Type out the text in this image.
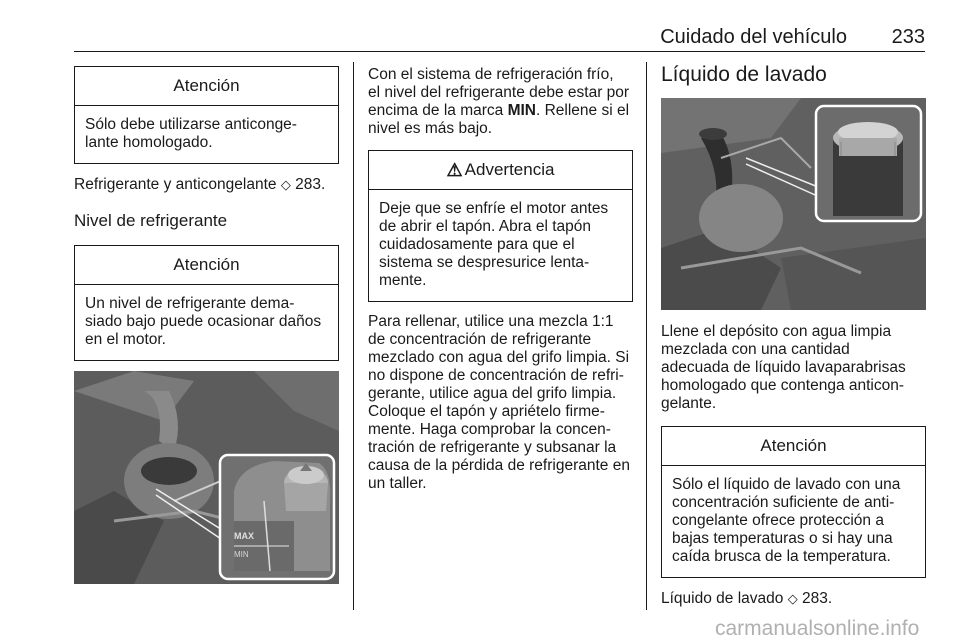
Cuidado del vehículo 233
Atención
Sólo debe utilizarse anticonge-
lante homologado.

Refrigerante y anticongelante ◇ 283.

Nivel de refrigerante
Atención
Un nivel de refrigerante dema-
siado bajo puede ocasionar daños
en el motor.
MAX
MIN

Con el sistema de refrigeración frío,
el nivel del refrigerante debe estar por
encima de la marca MIN. Rellene si el
nivel es más bajo.

⚠ Advertencia
Deje que se enfríe el motor antes
de abrir el tapón. Abra el tapón
cuidadosamente para que el
sistema se despresurice lenta-
mente.

Para rellenar, utilice una mezcla 1:1
de concentración de refrigerante
mezclado con agua del grifo limpia. Si
no dispone de concentración de refri-
gerante, utilice agua del grifo limpia.
Coloque el tapón y apriételo firme-
mente. Haga comprobar la concen-
tración de refrigerante y subsanar la
causa de la pérdida de refrigerante en
un taller.

Líquido de lavado

Llene el depósito con agua limpia
mezclada con una cantidad
adecuada de líquido lavaparabrisas
homologado que contenga anticon-
gelante.

Atención
Sólo el líquido de lavado con una
concentración suficiente de anti-
congelante ofrece protección a
bajas temperaturas o si hay una
caída brusca de la temperatura.

Líquido de lavado ◇ 283.

carmanualsonline.info
